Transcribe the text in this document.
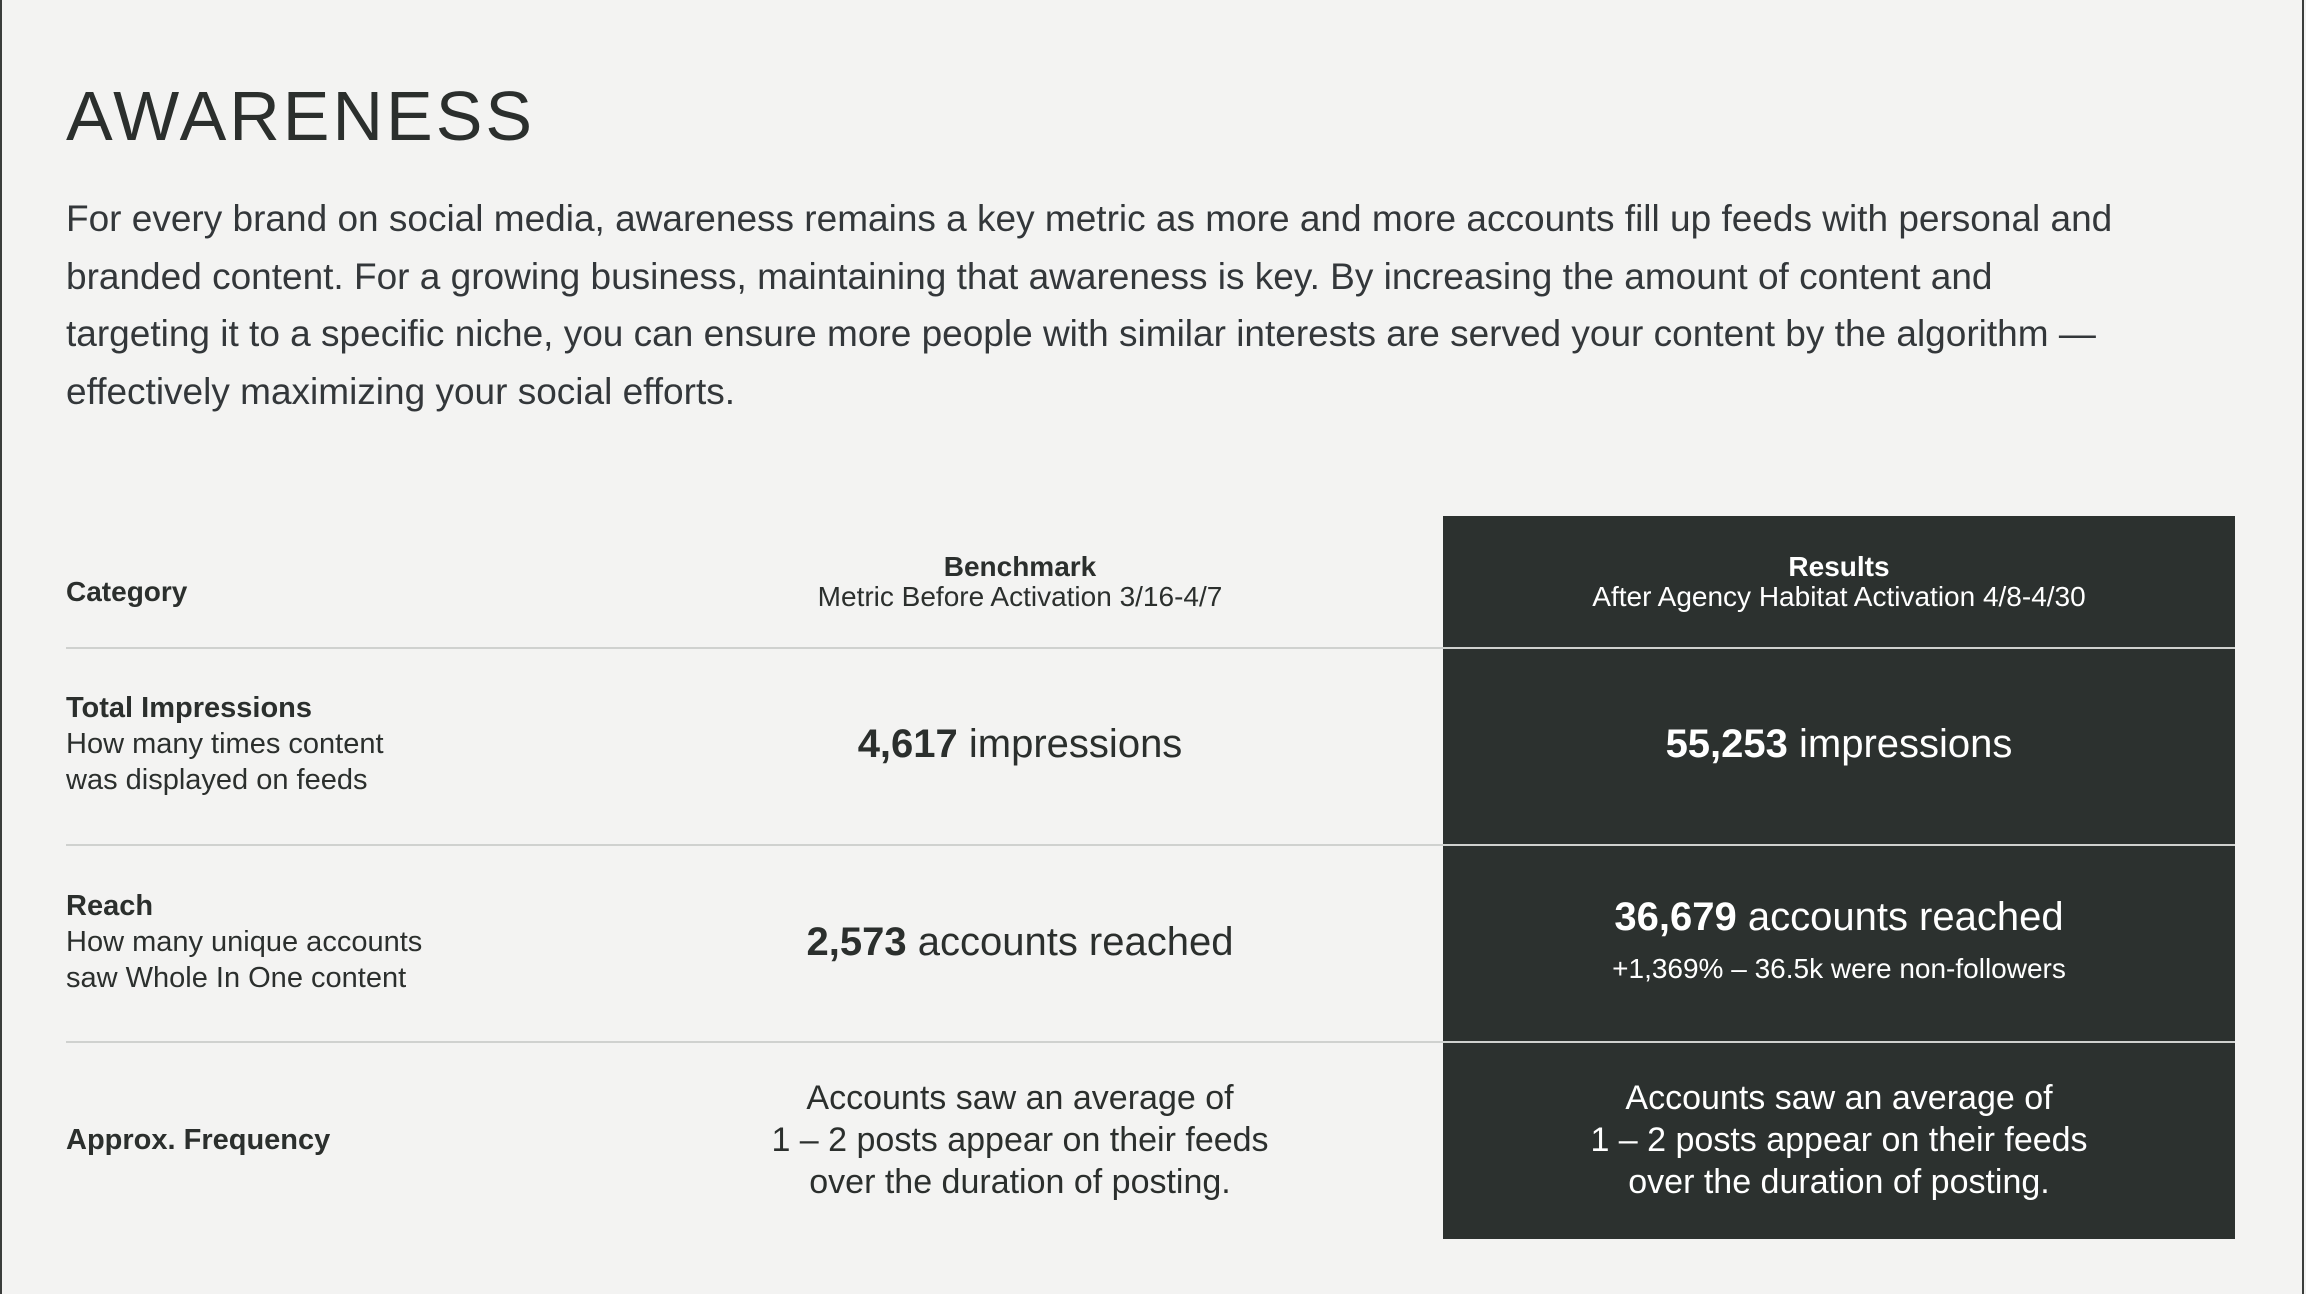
AWARENESS

For every brand on social media, awareness remains a key metric as more and more accounts fill up feeds with personal and branded content. For a growing business, maintaining that awareness is key. By increasing the amount of content and targeting it to a specific niche, you can ensure more people with similar interests are served your content by the algorithm — effectively maximizing your social efforts.

Category
Benchmark
Metric Before Activation 3/16-4/7
Results
After Agency Habitat Activation 4/8-4/30
Total Impressions
How many times content
was displayed on feeds
4,617 impressions	55,253 impressions
Reach
How many unique accounts
saw Whole In One content
2,573 accounts reached
36,679 accounts reached
+1,369% – 36.5k were non-followers
Approx. Frequency
Accounts saw an average of
1 – 2 posts appear on their feeds
over the duration of posting.
Accounts saw an average of
1 – 2 posts appear on their feeds
over the duration of posting.
